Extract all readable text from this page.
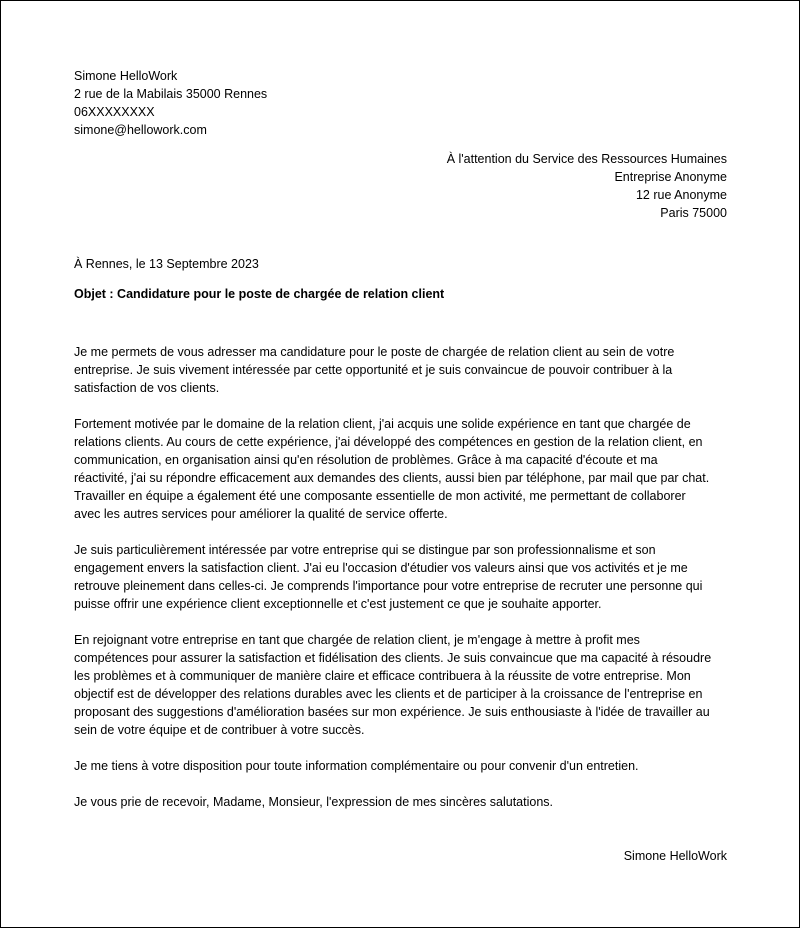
Simone HelloWork
2 rue de la Mabilais 35000 Rennes
06XXXXXXXX
simone@hellowork.com
À l'attention du Service des Ressources Humaines
Entreprise Anonyme
12 rue Anonyme
Paris 75000
À Rennes, le 13 Septembre 2023
Objet : Candidature pour le poste de chargée de relation client
Je me permets de vous adresser ma candidature pour le poste de chargée de relation client au sein de votre
entreprise. Je suis vivement intéressée par cette opportunité et je suis convaincue de pouvoir contribuer à la
satisfaction de vos clients.
Fortement motivée par le domaine de la relation client, j'ai acquis une solide expérience en tant que chargée de
relations clients. Au cours de cette expérience, j'ai développé des compétences en gestion de la relation client, en
communication, en organisation ainsi qu'en résolution de problèmes. Grâce à ma capacité d'écoute et ma
réactivité, j'ai su répondre efficacement aux demandes des clients, aussi bien par téléphone, par mail que par chat.
Travailler en équipe a également été une composante essentielle de mon activité, me permettant de collaborer
avec les autres services pour améliorer la qualité de service offerte.
Je suis particulièrement intéressée par votre entreprise qui se distingue par son professionnalisme et son
engagement envers la satisfaction client. J'ai eu l'occasion d'étudier vos valeurs ainsi que vos activités et je me
retrouve pleinement dans celles-ci. Je comprends l'importance pour votre entreprise de recruter une personne qui
puisse offrir une expérience client exceptionnelle et c'est justement ce que je souhaite apporter.
En rejoignant votre entreprise en tant que chargée de relation client, je m'engage à mettre à profit mes
compétences pour assurer la satisfaction et fidélisation des clients. Je suis convaincue que ma capacité à résoudre
les problèmes et à communiquer de manière claire et efficace contribuera à la réussite de votre entreprise. Mon
objectif est de développer des relations durables avec les clients et de participer à la croissance de l'entreprise en
proposant des suggestions d'amélioration basées sur mon expérience. Je suis enthousiaste à l'idée de travailler au
sein de votre équipe et de contribuer à votre succès.
Je me tiens à votre disposition pour toute information complémentaire ou pour convenir d'un entretien.
Je vous prie de recevoir, Madame, Monsieur, l'expression de mes sincères salutations.
Simone HelloWork
